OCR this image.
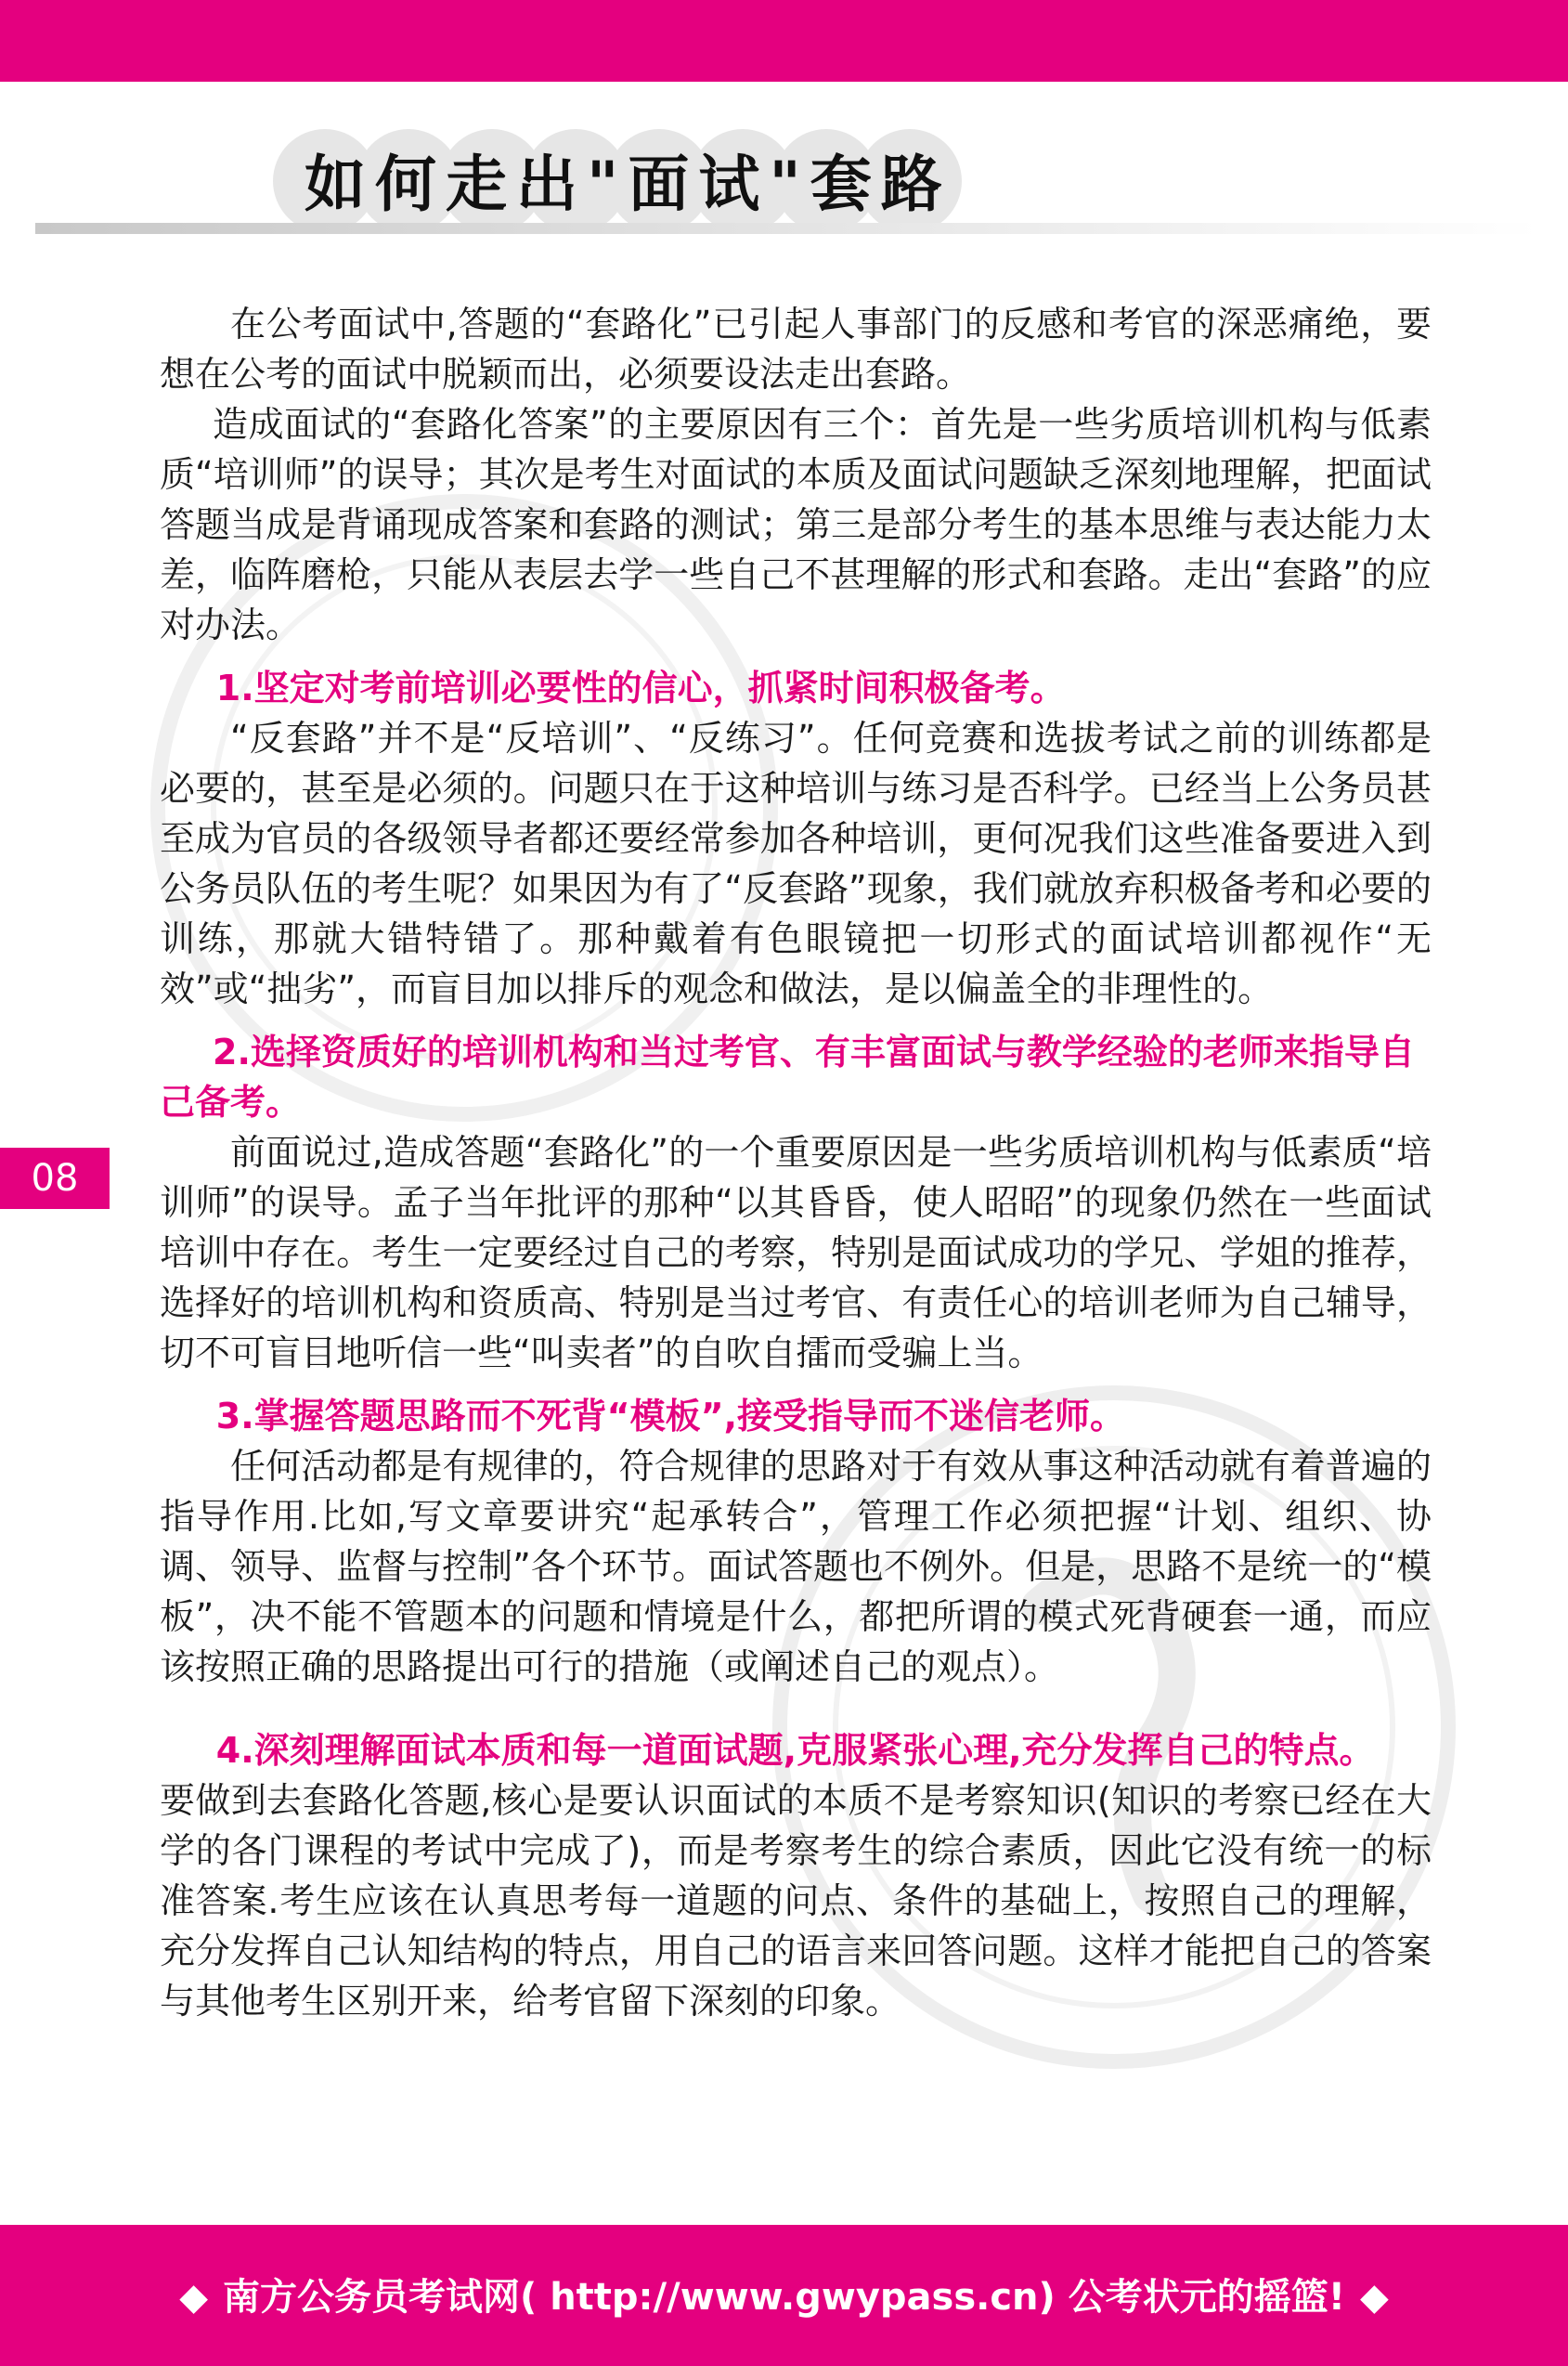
如何走出"面试"套路
08

在公考面试中,答题的“套路化”已引起人事部门的反感和考官的深恶痛绝，要想在公考的面试中脱颖而出，必须要设法走出套路。

造成面试的“套路化答案”的主要原因有三个：首先是一些劣质培训机构与低素质“培训师”的误导；其次是考生对面试的本质及面试问题缺乏深刻地理解，把面试答题当成是背诵现成答案和套路的测试；第三是部分考生的基本思维与表达能力太差，临阵磨枪，只能从表层去学一些自己不甚理解的形式和套路。走出“套路”的应对办法。

1.坚定对考前培训必要性的信心，抓紧时间积极备考。

“反套路”并不是“反培训”、“反练习”。任何竞赛和选拔考试之前的训练都是必要的，甚至是必须的。问题只在于这种培训与练习是否科学。已经当上公务员甚至成为官员的各级领导者都还要经常参加各种培训，更何况我们这些准备要进入到公务员队伍的考生呢？如果因为有了“反套路”现象，我们就放弃积极备考和必要的训练，那就大错特错了。那种戴着有色眼镜把一切形式的面试培训都视作“无效”或“拙劣”，而盲目加以排斥的观念和做法，是以偏盖全的非理性的。

2.选择资质好的培训机构和当过考官、有丰富面试与教学经验的老师来指导自己备考。

前面说过,造成答题“套路化”的一个重要原因是一些劣质培训机构与低素质“培训师”的误导。孟子当年批评的那种“以其昏昏，使人昭昭”的现象仍然在一些面试培训中存在。考生一定要经过自己的考察，特别是面试成功的学兄、学姐的推荐，选择好的培训机构和资质高、特别是当过考官、有责任心的培训老师为自己辅导，切不可盲目地听信一些“叫卖者”的自吹自擂而受骗上当。

3.掌握答题思路而不死背“模板”,接受指导而不迷信老师。

任何活动都是有规律的，符合规律的思路对于有效从事这种活动就有着普遍的指导作用.比如,写文章要讲究“起承转合”，管理工作必须把握“计划、组织、协调、领导、监督与控制”各个环节。面试答题也不例外。但是，思路不是统一的“模板”，决不能不管题本的问题和情境是什么，都把所谓的模式死背硬套一通，而应该按照正确的思路提出可行的措施（或阐述自己的观点）。

4.深刻理解面试本质和每一道面试题,克服紧张心理,充分发挥自己的特点。

要做到去套路化答题,核心是要认识面试的本质不是考察知识(知识的考察已经在大学的各门课程的考试中完成了)，而是考察考生的综合素质，因此它没有统一的标准答案.考生应该在认真思考每一道题的问点、条件的基础上，按照自己的理解，充分发挥自己认知结构的特点，用自己的语言来回答问题。这样才能把自己的答案与其他考生区别开来，给考官留下深刻的印象。

◆ 南方公务员考试网( http://www.gwypass.cn) 公考状元的摇篮! ◆
